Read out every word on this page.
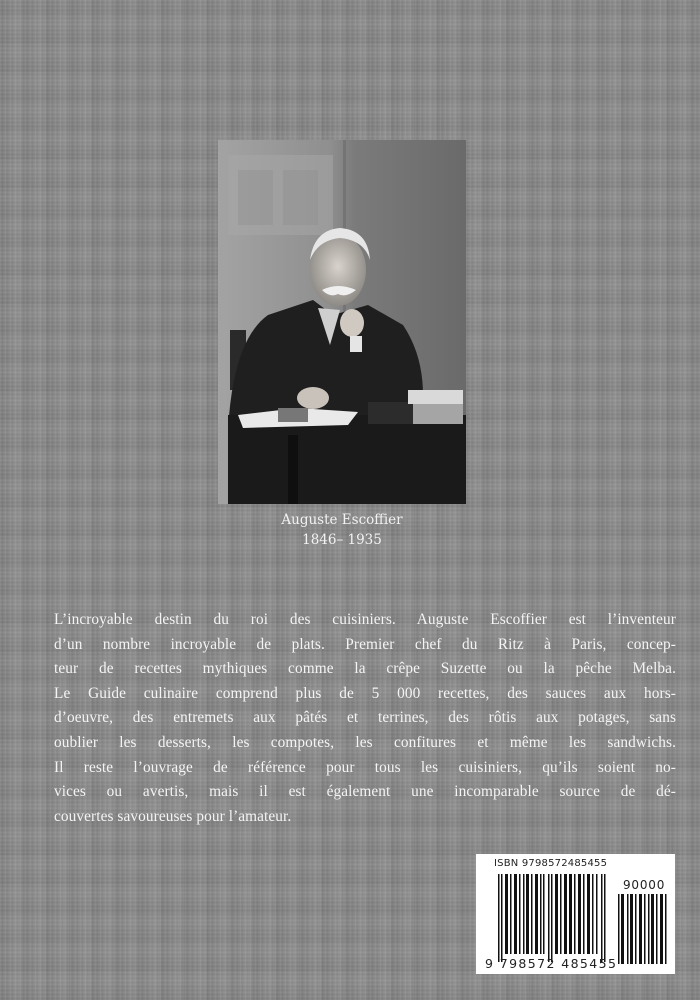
Auguste Escoffier
1846– 1935
L’incroyable destin du roi des cuisiniers. Auguste Escoffier est l’inventeur
d’un nombre incroyable de plats. Premier chef du Ritz à Paris, concep-
teur de recettes mythiques comme la crêpe Suzette ou la pêche Melba.
Le Guide culinaire comprend plus de 5 000 recettes, des sauces aux hors-
d’oeuvre, des entremets aux pâtés et terrines, des rôtis aux potages, sans
oublier les desserts, les compotes, les confitures et même les sandwichs.
Il reste l’ouvrage de référence pour tous les cuisiniers, qu’ils soient no-
vices ou avertis, mais il est également une incomparable source de dé-
couvertes savoureuses pour l’amateur.
ISBN 9798572485455
9 798572 485455
90000
